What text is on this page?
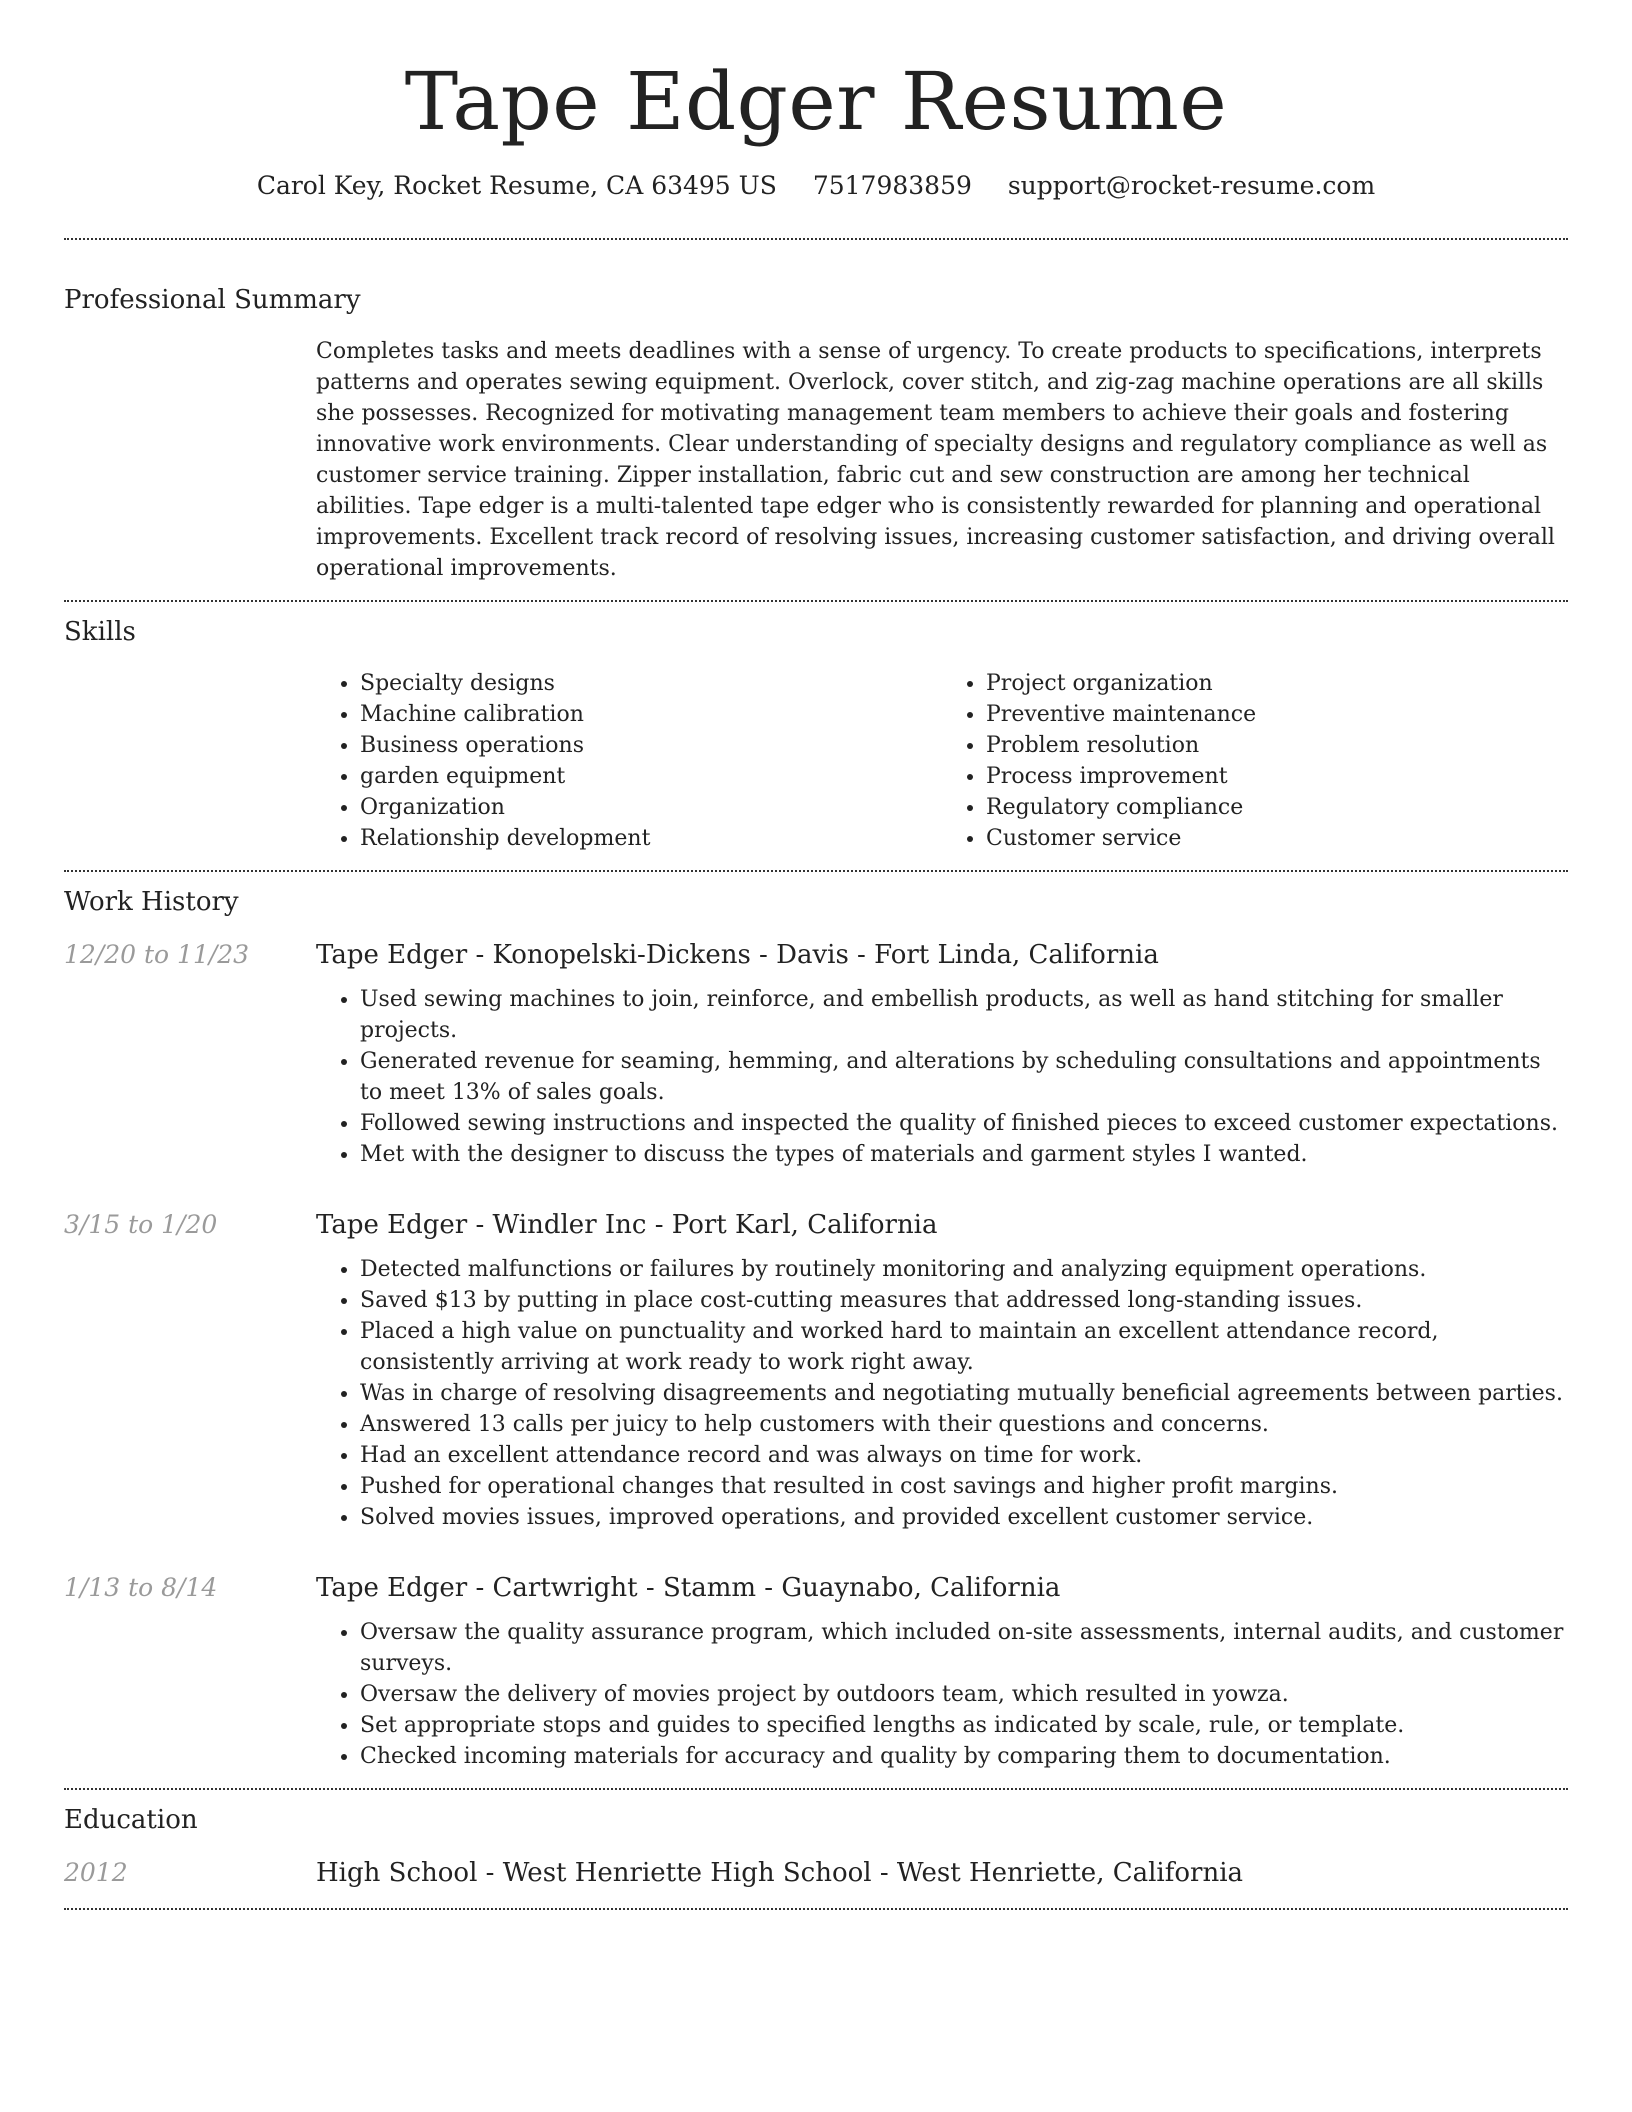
Tape Edger Resume
Carol Key, Rocket Resume, CA 63495 US 7517983859 support@rocket-resume.com
Professional Summary

Completes tasks and meets deadlines with a sense of urgency. To create products to specifications, interprets patterns and operates sewing equipment. Overlock, cover stitch, and zig-zag machine operations are all skills she possesses. Recognized for motivating management team members to achieve their goals and fostering innovative work environments. Clear understanding of specialty designs and regulatory compliance as well as customer service training. Zipper installation, fabric cut and sew construction are among her technical abilities. Tape edger is a multi-talented tape edger who is consistently rewarded for planning and operational improvements. Excellent track record of resolving issues, increasing customer satisfaction, and driving overall operational improvements.

Skills
• Specialty designs
• Machine calibration
• Business operations
• garden equipment
• Organization
• Relationship development
• Project organization
• Preventive maintenance
• Problem resolution
• Process improvement
• Regulatory compliance
• Customer service
Work History
12/20 to 11/23	Tape Edger - Konopelski-Dickens - Davis - Fort Linda, California
• Used sewing machines to join, reinforce, and embellish products, as well as hand stitching for smaller projects.
• Generated revenue for seaming, hemming, and alterations by scheduling consultations and appointments to meet 13% of sales goals.
• Followed sewing instructions and inspected the quality of finished pieces to exceed customer expectations.
• Met with the designer to discuss the types of materials and garment styles I wanted.
3/15 to 1/20	Tape Edger - Windler Inc - Port Karl, California
• Detected malfunctions or failures by routinely monitoring and analyzing equipment operations.
• Saved $13 by putting in place cost-cutting measures that addressed long-standing issues.
• Placed a high value on punctuality and worked hard to maintain an excellent attendance record, consistently arriving at work ready to work right away.
• Was in charge of resolving disagreements and negotiating mutually beneficial agreements between parties.
• Answered 13 calls per juicy to help customers with their questions and concerns.
• Had an excellent attendance record and was always on time for work.
• Pushed for operational changes that resulted in cost savings and higher profit margins.
• Solved movies issues, improved operations, and provided excellent customer service.
1/13 to 8/14	Tape Edger - Cartwright - Stamm - Guaynabo, California
• Oversaw the quality assurance program, which included on-site assessments, internal audits, and customer surveys.
• Oversaw the delivery of movies project by outdoors team, which resulted in yowza.
• Set appropriate stops and guides to specified lengths as indicated by scale, rule, or template.
• Checked incoming materials for accuracy and quality by comparing them to documentation.
Education
2012	High School - West Henriette High School - West Henriette, California
